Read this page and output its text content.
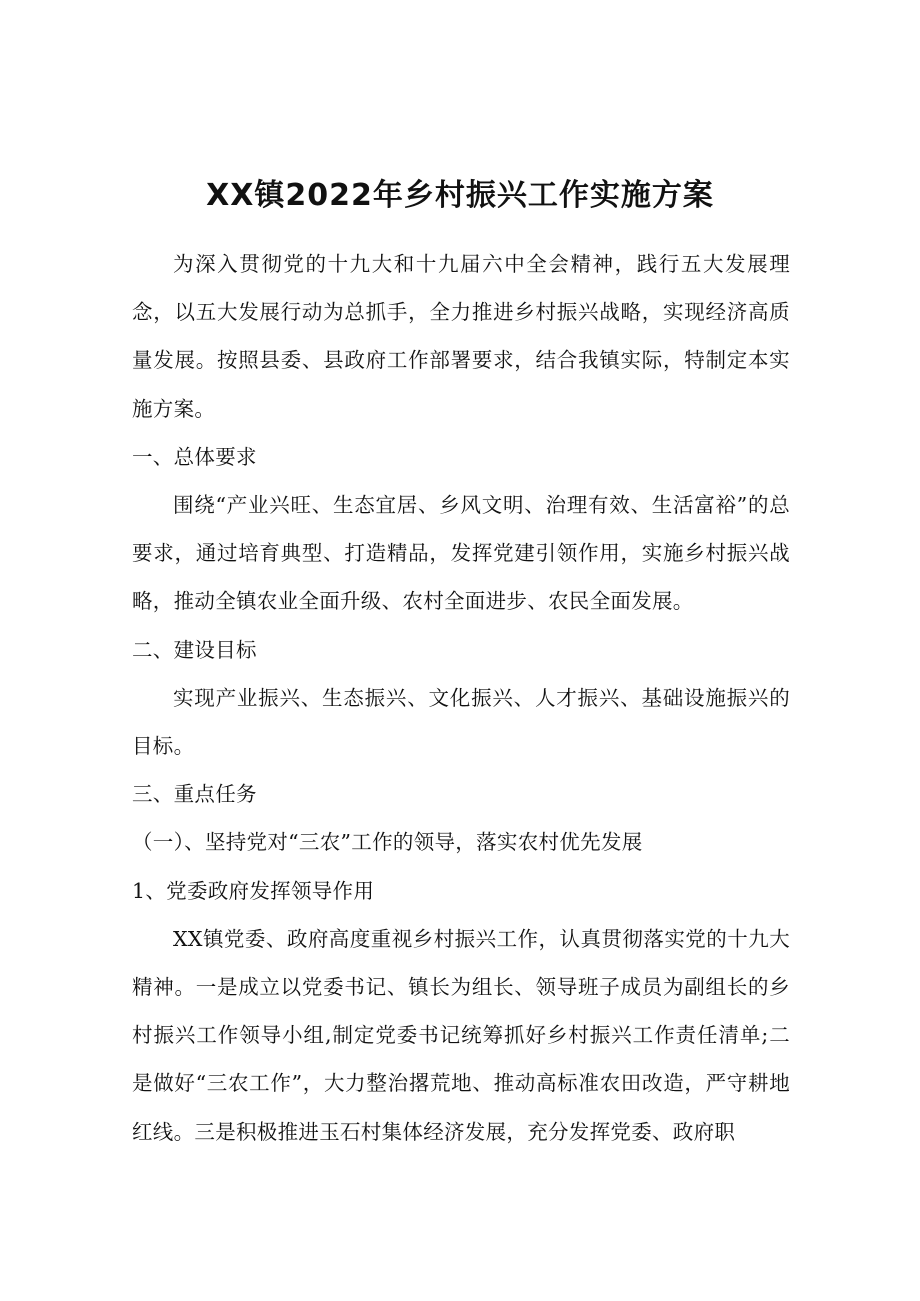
XX镇2022年乡村振兴工作实施方案

为深入贯彻党的十九大和十九届六中全会精神，践行五大发展理念，以五大发展行动为总抓手，全力推进乡村振兴战略，实现经济高质量发展。按照县委、县政府工作部署要求，结合我镇实际，特制定本实施方案。

一、总体要求

围绕“产业兴旺、生态宜居、乡风文明、治理有效、生活富裕”的总要求，通过培育典型、打造精品，发挥党建引领作用，实施乡村振兴战略，推动全镇农业全面升级、农村全面进步、农民全面发展。

二、建设目标

实现产业振兴、生态振兴、文化振兴、人才振兴、基础设施振兴的目标。

三、重点任务

（一）、坚持党对“三农”工作的领导，落实农村优先发展

1、党委政府发挥领导作用

XX镇党委、政府高度重视乡村振兴工作，认真贯彻落实党的十九大精神。一是成立以党委书记、镇长为组长、领导班子成员为副组长的乡村振兴工作领导小组,制定党委书记统筹抓好乡村振兴工作责任清单;二是做好“三农工作”，大力整治撂荒地、推动高标准农田改造，严守耕地红线。三是积极推进玉石村集体经济发展，充分发挥党委、政府职
